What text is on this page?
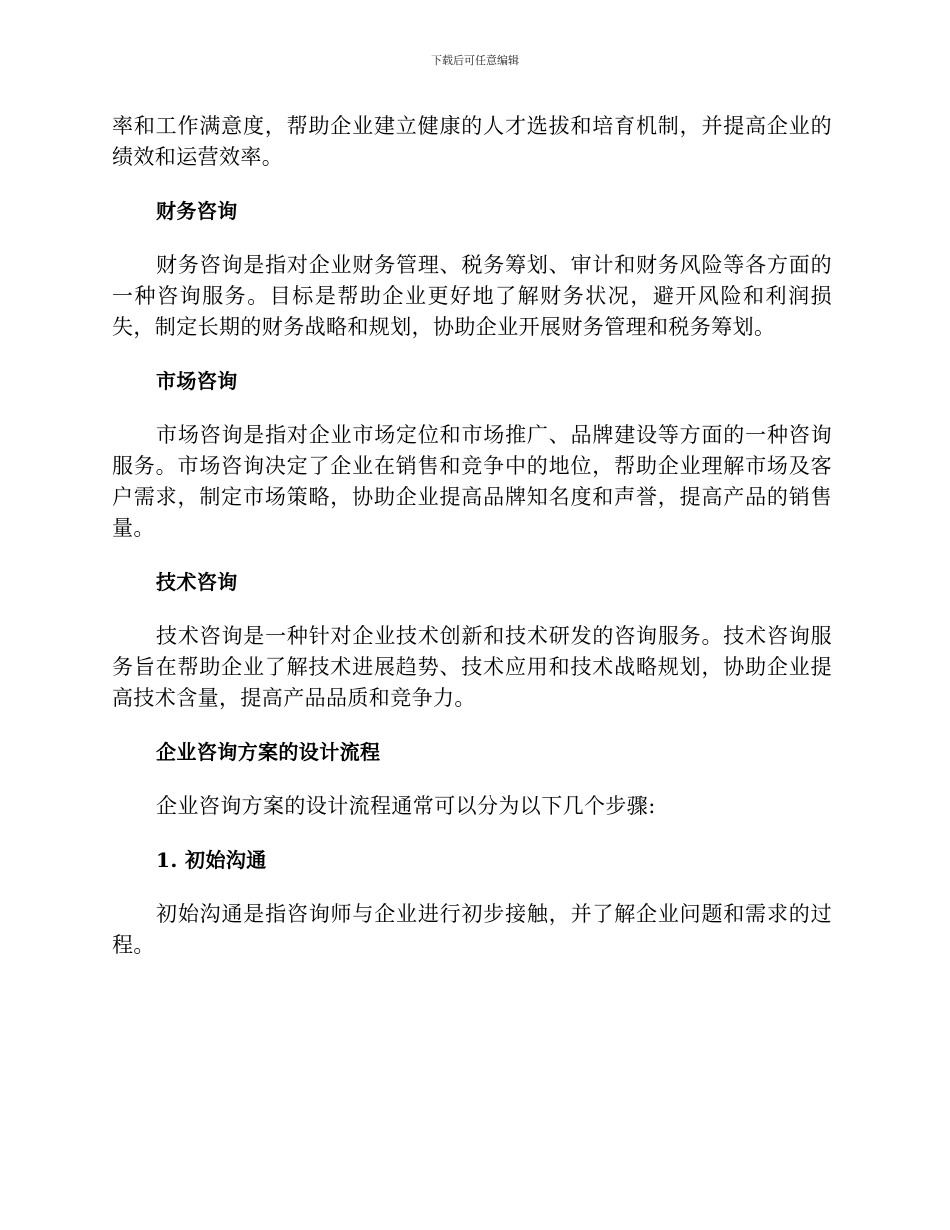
下载后可任意编辑

率和工作满意度，帮助企业建立健康的人才选拔和培育机制，并提高企业的绩效和运营效率。

财务咨询

财务咨询是指对企业财务管理、税务筹划、审计和财务风险等各方面的一种咨询服务。目标是帮助企业更好地了解财务状况，避开风险和利润损失，制定长期的财务战略和规划，协助企业开展财务管理和税务筹划。

市场咨询

市场咨询是指对企业市场定位和市场推广、品牌建设等方面的一种咨询服务。市场咨询决定了企业在销售和竞争中的地位，帮助企业理解市场及客户需求，制定市场策略，协助企业提高品牌知名度和声誉，提高产品的销售量。

技术咨询

技术咨询是一种针对企业技术创新和技术研发的咨询服务。技术咨询服务旨在帮助企业了解技术进展趋势、技术应用和技术战略规划，协助企业提高技术含量，提高产品品质和竞争力。

企业咨询方案的设计流程

企业咨询方案的设计流程通常可以分为以下几个步骤:

1. 初始沟通

初始沟通是指咨询师与企业进行初步接触，并了解企业问题和需求的过程。
